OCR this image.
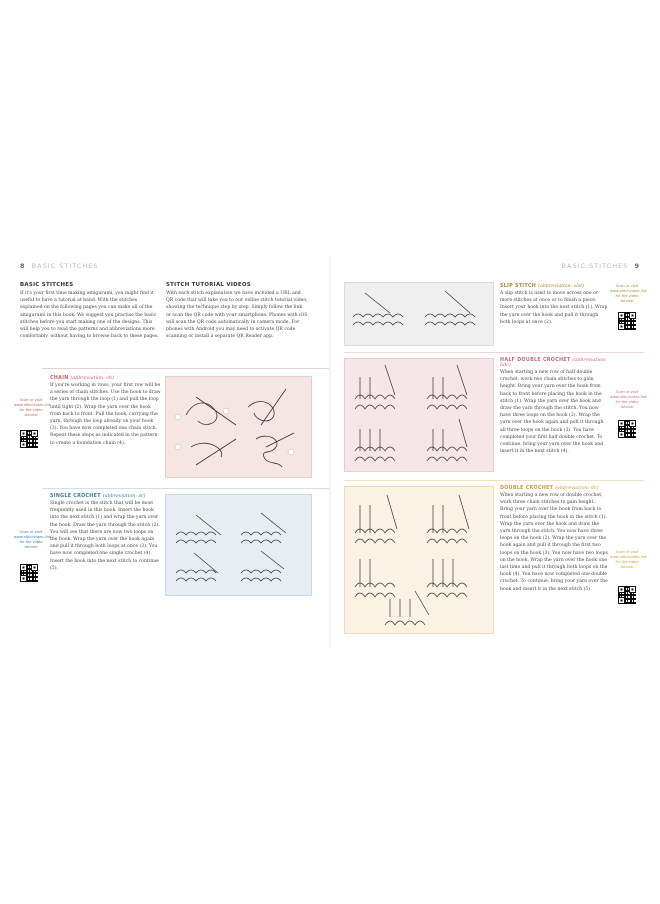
8 BASIC STITCHES

BASIC STITCHES

If it's your first time making amigurumi, you might find it useful to have a tutorial at hand. With the stitches explained on the following pages you can make all of the amigurumi in this book. We suggest you practise the basic stitches before you start making one of the designs. This will help you to read the patterns and abbreviations more comfortably, without having to browse back to these pages.

STITCH TUTORIAL VIDEOS

With each stitch explanation we have included a URL and QR code that will take you to our online stitch tutorial video, showing the technique step by step. Simply follow the link or scan the QR code with your smartphone. Phones with iOS will scan the QR code automatically in camera mode. For phones with Android you may need to activate QR code scanning or install a separate QR Reader app.

Scan or visit www.stitchvideo.link for the video tutorial

CHAIN (abbreviation: ch)

If you're working in rows, your first row will be a series of chain stitches. Use the hook to draw the yarn through the loop (1) and pull the loop until tight (2). Wrap the yarn over the hook from back to front. Pull the hook, carrying the yarn, through the loop already on your hook (3). You have now completed one chain stitch. Repeat these steps as indicated in the pattern to create a foundation chain (4).

Scan or visit www.stitchvideo.link for the video tutorial

SINGLE CROCHET (abbreviation: sc)

Single crochet is the stitch that will be most frequently used in this book. Insert the hook into the next stitch (1) and wrap the yarn over the hook. Draw the yarn through the stitch (2). You will see that there are now two loops on the hook. Wrap the yarn over the hook again and pull it through both loops at once (3). You have now completed one single crochet (4). Insert the hook into the next stitch to continue (5).

BASIC STITCHES 9

SLIP STITCH (abbreviation: slst)

A slip stitch is used to move across one or more stitches at once or to finish a piece. Insert your hook into the next stitch (1). Wrap the yarn over the hook and pull it through both loops at once (2).

Scan or visit www.stitchvideo.link for the video tutorial

HALF DOUBLE CROCHET (abbreviation: hdc)

When starting a new row of half double crochet, work two chain stitches to gain height. Bring your yarn over the hook from back to front before placing the hook in the stitch (1). Wrap the yarn over the hook and draw the yarn through the stitch. You now have three loops on the hook (2). Wrap the yarn over the hook again and pull it through all three loops on the hook (3). You have completed your first half double crochet. To continue, bring your yarn over the hook and insert it in the next stitch (4).

Scan or visit www.stitchvideo.link for the video tutorial

DOUBLE CROCHET (abbreviation: dc)

When starting a new row of double crochet, work three chain stitches to gain height. Bring your yarn over the hook from back to front before placing the hook in the stitch (1). Wrap the yarn over the hook and draw the yarn through the stitch. You now have three loops on the hook (2). Wrap the yarn over the hook again and pull it through the first two loops on the hook (3). You now have two loops on the hook. Wrap the yarn over the hook one last time and pull it through both loops on the hook (4). You have now completed one double crochet. To continue, bring your yarn over the hook and insert it in the next stitch (5).

Scan or visit www.stitchvideo.link for the video tutorial
